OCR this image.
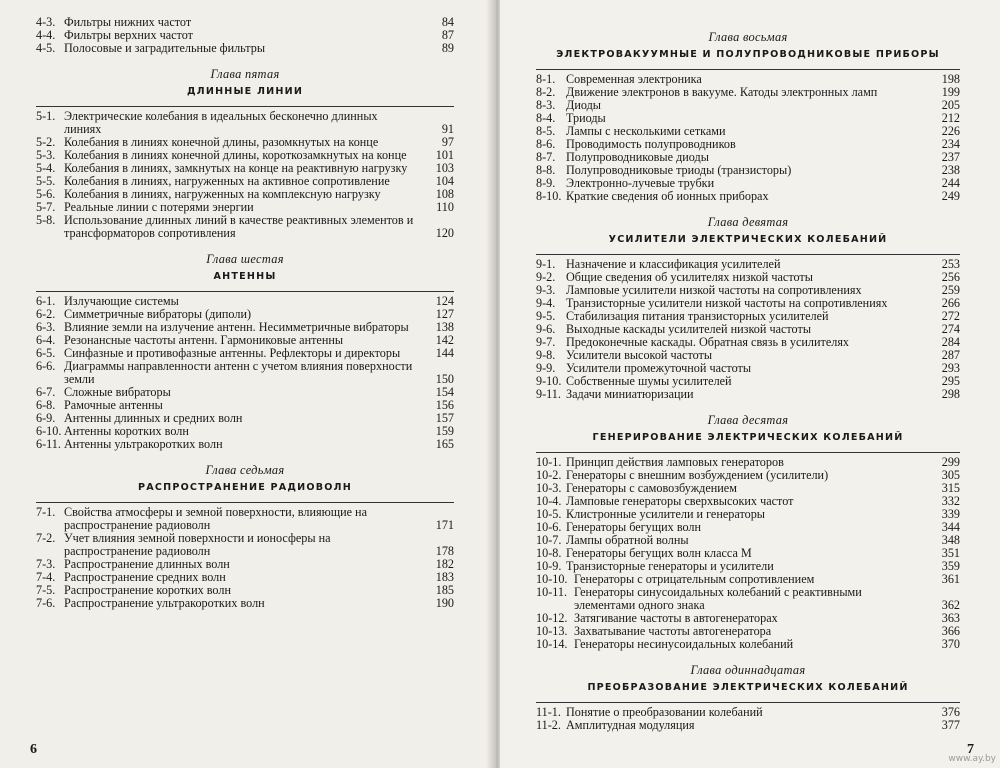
4-3. Фильтры нижних частот	84
4-4. Фильтры верхних частот	87
4-5. Полосовые и заградительные фильтры	89
Глава пятая
ДЛИННЫЕ ЛИНИИ
5-1. Электрические колебания в идеальных бесконечно длинных линиях	91
5-2. Колебания в линиях конечной длины, разомкнутых на конце	97
5-3. Колебания в линиях конечной длины, короткозамкнутых на конце	101
5-4. Колебания в линиях, замкнутых на конце на реактивную нагрузку	103
5-5. Колебания в линиях, нагруженных на активное сопротивление	104
5-6. Колебания в линиях, нагруженных на комплексную нагрузку	108
5-7. Реальные линии с потерями энергии	110
5-8. Использование длинных линий в качестве реактивных элементов и трансформаторов сопротивления	120
Глава шестая
АНТЕННЫ
6-1. Излучающие системы	124
6-2. Симметричные вибраторы (диполи)	127
6-3. Влияние земли на излучение антенн. Несимметричные вибраторы	138
6-4. Резонансные частоты антенн. Гармониковые антенны	142
6-5. Синфазные и противофазные антенны. Рефлекторы и директоры	144
6-6. Диаграммы направленности антенн с учетом влияния поверхности земли	150
6-7. Сложные вибраторы	154
6-8. Рамочные антенны	156
6-9. Антенны длинных и средних волн	157
6-10. Антенны коротких волн	159
6-11. Антенны ультракоротких волн	165
Глава седьмая
РАСПРОСТРАНЕНИЕ РАДИОВОЛН
7-1. Свойства атмосферы и земной поверхности, влияющие на распространение радиоволн	171
7-2. Учет влияния земной поверхности и ионосферы на распространение радиоволн	178
7-3. Распространение длинных волн	182
7-4. Распространение средних волн	183
7-5. Распространение коротких волн	185
7-6. Распространение ультракоротких волн	190
6
Глава восьмая
ЭЛЕКТРОВАКУУМНЫЕ И ПОЛУПРОВОДНИКОВЫЕ ПРИБОРЫ
8-1. Современная электроника	198
8-2. Движение электронов в вакууме. Катоды электронных ламп	199
8-3. Диоды	205
8-4. Триоды	212
8-5. Лампы с несколькими сетками	226
8-6. Проводимость полупроводников	234
8-7. Полупроводниковые диоды	237
8-8. Полупроводниковые триоды (транзисторы)	238
8-9. Электронно-лучевые трубки	244
8-10. Краткие сведения об ионных приборах	249
Глава девятая
УСИЛИТЕЛИ ЭЛЕКТРИЧЕСКИХ КОЛЕБАНИЙ
9-1. Назначение и классификация усилителей	253
9-2. Общие сведения об усилителях низкой частоты	256
9-3. Ламповые усилители низкой частоты на сопротивлениях	259
9-4. Транзисторные усилители низкой частоты на сопротивлениях	266
9-5. Стабилизация питания транзисторных усилителей	272
9-6. Выходные каскады усилителей низкой частоты	274
9-7. Предоконечные каскады. Обратная связь в усилителях	284
9-8. Усилители высокой частоты	287
9-9. Усилители промежуточной частоты	293
9-10. Собственные шумы усилителей	295
9-11. Задачи миниатюризации	298
Глава десятая
ГЕНЕРИРОВАНИЕ ЭЛЕКТРИЧЕСКИХ КОЛЕБАНИЙ
10-1. Принцип действия ламповых генераторов	299
10-2. Генераторы с внешним возбуждением (усилители)	305
10-3. Генераторы с самовозбуждением	315
10-4. Ламповые генераторы сверхвысоких частот	332
10-5. Клистронные усилители и генераторы	339
10-6. Генераторы бегущих волн	344
10-7. Лампы обратной волны	348
10-8. Генераторы бегущих волн класса М	351
10-9. Транзисторные генераторы и усилители	359
10-10. Генераторы с отрицательным сопротивлением	361
10-11. Генераторы синусоидальных колебаний с реактивными элементами одного знака	362
10-12. Затягивание частоты в автогенераторах	363
10-13. Захватывание частоты автогенератора	366
10-14. Генераторы несинусоидальных колебаний	370
Глава одиннадцатая
ПРЕОБРАЗОВАНИЕ ЭЛЕКТРИЧЕСКИХ КОЛЕБАНИЙ
11-1. Понятие о преобразовании колебаний	376
11-2. Амплитудная модуляция	377
7
www.ay.by
